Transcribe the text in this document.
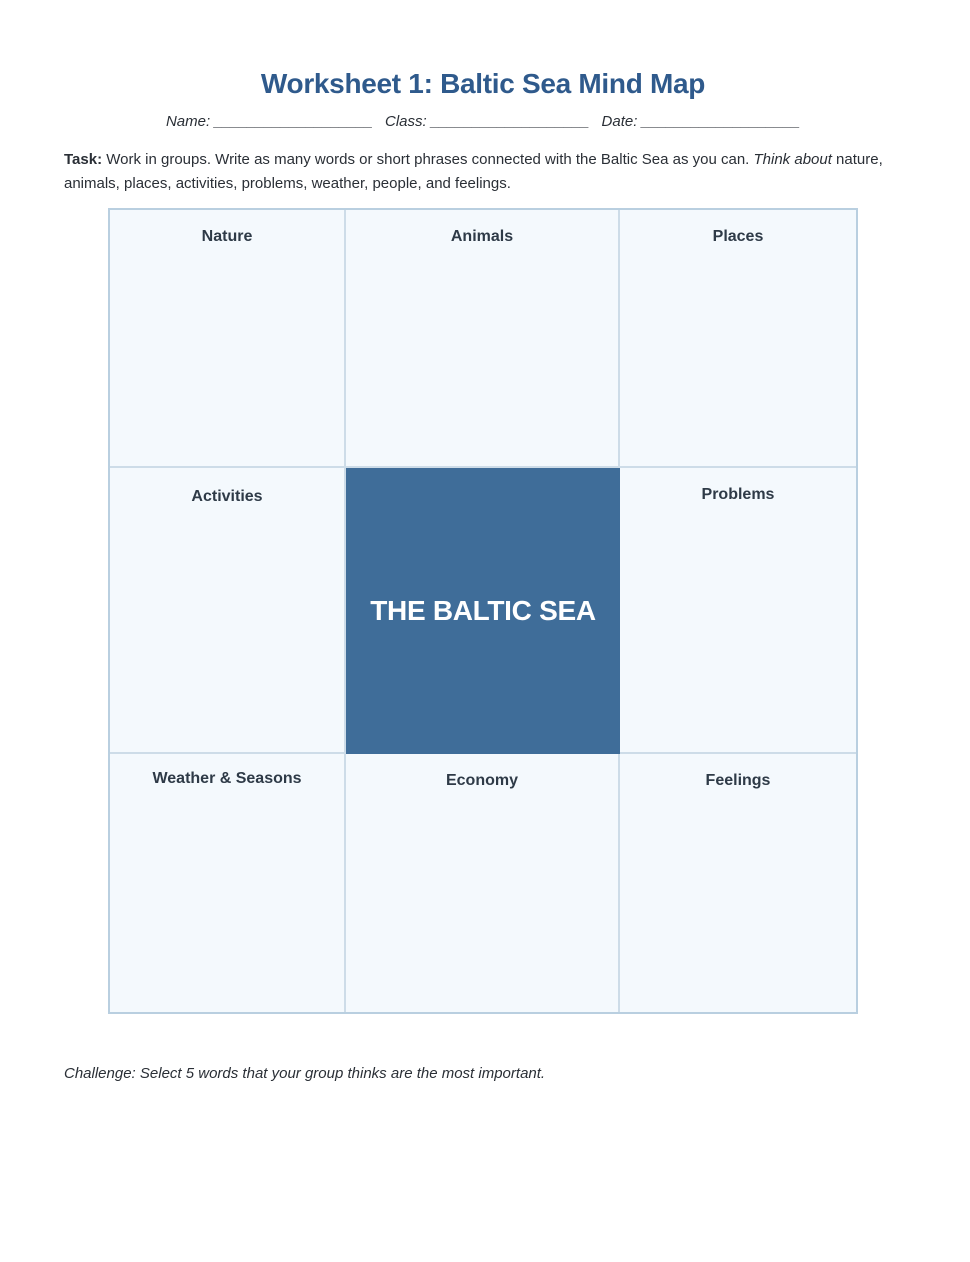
Worksheet 1: Baltic Sea Mind Map
Name: ___________________ Class: ___________________ Date: ___________________
Task: Work in groups. Write as many words or short phrases connected with the Baltic Sea as you can. Think about nature, animals, places, activities, problems, weather, people, and feelings.
Nature	Animals	Places
Activities
THE BALTIC SEA
Problems
Weather & Seasons	Economy	Feelings
Challenge: Select 5 words that your group thinks are the most important.
